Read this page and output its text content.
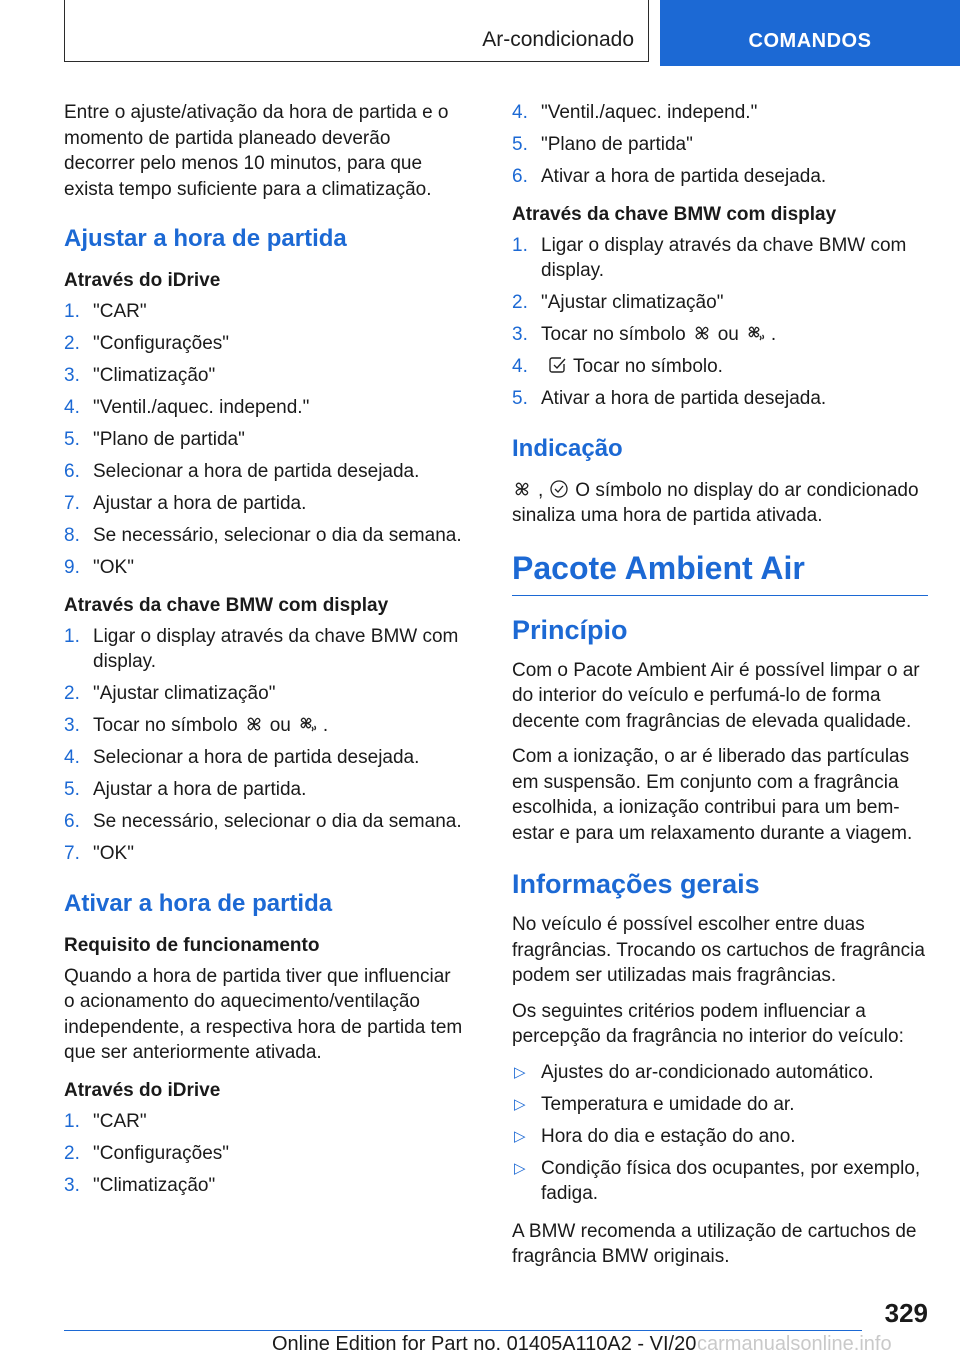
Ar-condicionado	COMANDOS

Entre o ajuste/ativação da hora de partida e o momento de partida planeado deverão decorrer pelo menos 10 minutos, para que exista tempo suficiente para a climatização.

Ajustar a hora de partida
Através do iDrive
1. "CAR"
2. "Configurações"
3. "Climatização"
4. "Ventil./aquec. independ."
5. "Plano de partida"
6. Selecionar a hora de partida desejada.
7. Ajustar a hora de partida.
8. Se necessário, selecionar o dia da semana.
9. "OK"
Através da chave BMW com display
1. Ligar o display através da chave BMW com display.
2. "Ajustar climatização"
3. Tocar no símbolo ou .
4. Selecionar a hora de partida desejada.
5. Ajustar a hora de partida.
6. Se necessário, selecionar o dia da semana.
7. "OK"
Ativar a hora de partida
Requisito de funcionamento

Quando a hora de partida tiver que influenciar o acionamento do aquecimento/ventilação independente, a respectiva hora de partida tem que ser anteriormente ativada.

Através do iDrive
1. "CAR"
2. "Configurações"
3. "Climatização"
4. "Ventil./aquec. independ."
5. "Plano de partida"
6. Ativar a hora de partida desejada.
Através da chave BMW com display
1. Ligar o display através da chave BMW com display.
2. "Ajustar climatização"
3. Tocar no símbolo ou .
4. Tocar no símbolo.
5. Ativar a hora de partida desejada.
Indicação

, O símbolo no display do ar condicionado sinaliza uma hora de partida ativada.

Pacote Ambient Air
Princípio

Com o Pacote Ambient Air é possível limpar o ar do interior do veículo e perfumá-lo de forma decente com fragrâncias de elevada qualidade.

Com a ionização, o ar é liberado das partículas em suspensão. Em conjunto com a fragrância escolhida, a ionização contribui para um bem-estar e para um relaxamento durante a viagem.

Informações gerais

No veículo é possível escolher entre duas fragrâncias. Trocando os cartuchos de fragrância podem ser utilizadas mais fragrâncias.

Os seguintes critérios podem influenciar a percepção da fragrância no interior do veículo:

▷ Ajustes do ar-condicionado automático.
▷ Temperatura e umidade do ar.
▷ Hora do dia e estação do ano.
▷ Condição física dos ocupantes, por exemplo, fadiga.

A BMW recomenda a utilização de cartuchos de fragrância BMW originais.

329
Online Edition for Part no. 01405A110A2 - VI/20 carmanualsonline.info
